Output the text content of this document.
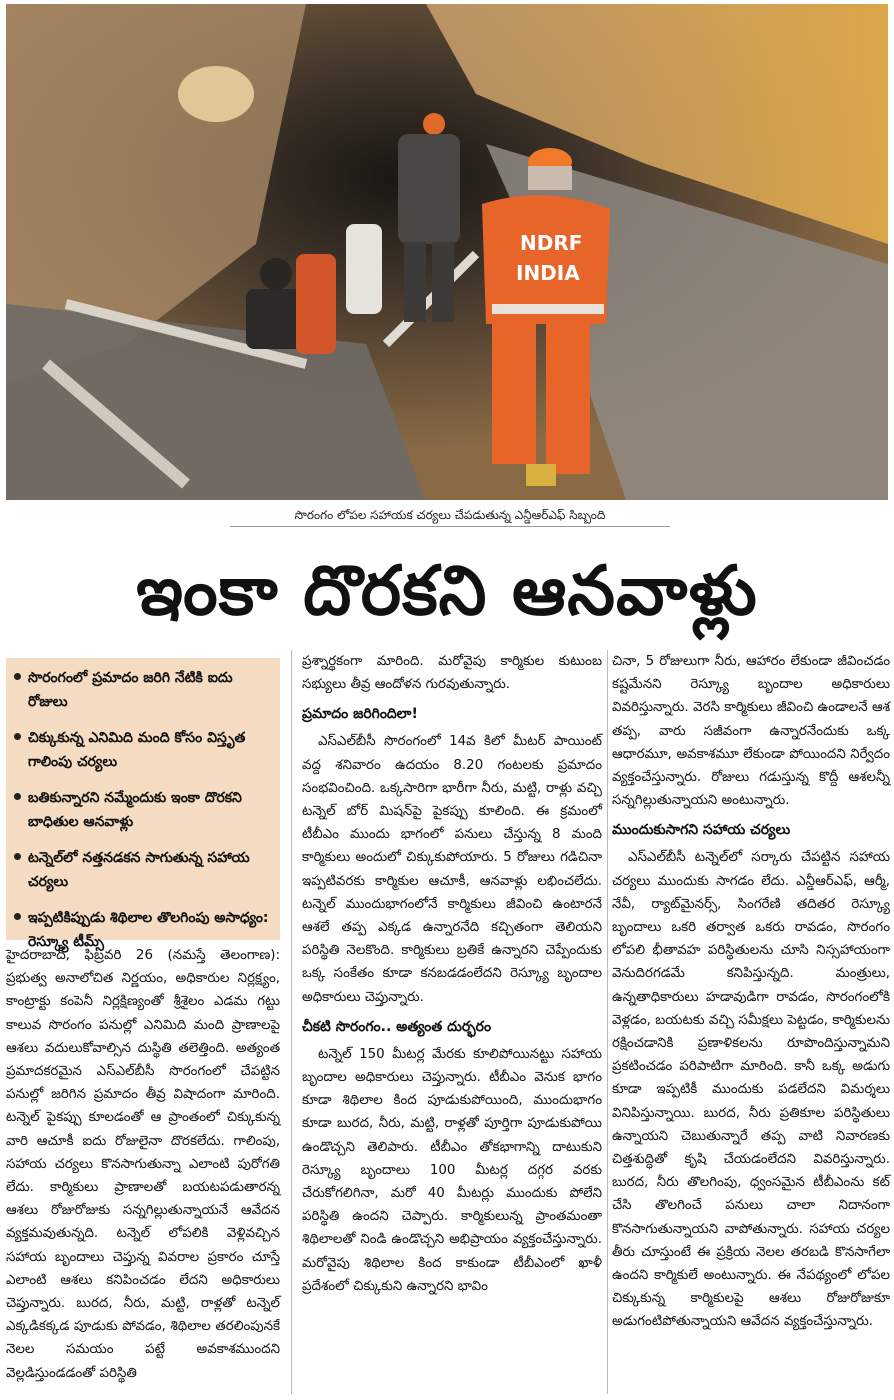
NDRF
INDIA
సొరంగం లోపల సహాయక చర్యలు చేపడుతున్న ఎన్డీఆర్ఎఫ్ సిబ్బంది
ఇంకా దొరకని ఆనవాళ్లు
సొరంగంలో ప్రమాదం జరిగి నేటికి ఐదు రోజులు
చిక్కుకున్న ఎనిమిది మంది కోసం విస్తృత గాలింపు చర్యలు
బతికున్నారని నమ్మేందుకు ఇంకా దొరకని బాధితుల ఆనవాళ్లు
టన్నెల్‌లో నత్తనడకన సాగుతున్న సహాయ చర్యలు
ఇప్పటికిప్పుడు శిథిలాల తొలగింపు అసాధ్యం: రెస్క్యూ టీమ్స్

హైదరాబాద్, ఫిబ్రవరి 26 (నమస్తే తెలంగాణ): ప్రభుత్వ అనాలోచిత నిర్ణయం, అధికారుల నిర్లక్ష్యం, కాంట్రాక్టు కంపెనీ నిర్లక్షిణ్యంతో శ్రీశైలం ఎడమ గట్టు కాలువ సొరంగం పనుల్లో ఎనిమిది మంది ప్రాణాలపై ఆశలు వదులుకోవాల్సిన దుస్థితి తలెత్తింది. అత్యంత ప్రమాదకరమైన ఎస్‌ఎల్‌బీసీ సొరంగంలో చేపట్టిన పనుల్లో జరిగిన ప్రమాదం తీవ్ర విషాదంగా మారింది. టన్నెల్ పైకప్పు కూలడంతో ఆ ప్రాంతంలో చిక్కుకున్న వారి ఆచూకీ ఐదు రోజులైనా దొరకలేదు. గాలింపు, సహాయ చర్యలు కొనసాగుతున్నా ఎలాంటి పురోగతి లేదు. కార్మికులు ప్రాణాలతో బయటపడుతారన్న ఆశలు రోజురోజుకు సన్నగిల్లుతున్నాయనే ఆవేదన వ్యక్తమవుతున్నది. టన్నెల్ లోపలికి వెళ్లివచ్చిన సహాయ బృందాలు చెప్తున్న వివరాల ప్రకారం చూస్తే ఎలాంటి ఆశలు కనిపించడం లేదని అధికారులు చెప్తున్నారు. బురద, నీరు, మట్టి, రాళ్లతో టన్నెల్ ఎక్కడికక్కడ పూడుకు పోవడం, శిథిలాల తరలింపునకే నెలల సమయం పట్టే అవకాశముందని వెల్లడిస్తుండడంతో పరిస్థితి

ప్రశ్నార్థకంగా మారింది. మరోవైపు కార్మికుల కుటుంబ సభ్యులు తీవ్ర ఆందోళన గురవుతున్నారు.

ప్రమాదం జరిగిందిలా!

ఎస్‌ఎల్‌బీసీ సొరంగంలో 14వ కిలో మీటర్ పాయింట్ వద్ద శనివారం ఉదయం 8.20 గంటలకు ప్రమాదం సంభవించింది. ఒక్కసారిగా భారీగా నీరు, మట్టి, రాళ్లు వచ్చి టన్నెల్ బోర్ మిషన్‌పై పైకప్పు కూలింది. ఈ క్రమంలో టీబీఎం ముందు భాగంలో పనులు చేస్తున్న 8 మంది కార్మికులు అందులో చిక్కుకుపోయారు. 5 రోజులు గడిచినా ఇప్పటివరకు కార్మికుల ఆచూకీ, ఆనవాళ్లు లభించలేదు. టన్నెల్ ముందుభాగంలోనే కార్మికులు జీవించి ఉంటారనే ఆశలే తప్ప ఎక్కడ ఉన్నారనేది కచ్చితంగా తెలియని పరిస్థితి నెలకొంది. కార్మికులు బ్రతికే ఉన్నారని చెప్పేందుకు ఒక్క సంకేతం కూడా కనబడడంలేదని రెస్క్యూ బృందాల అధికారులు చెప్తున్నారు.

చీకటి సొరంగం.. అత్యంత దుర్భరం

టన్నెల్ 150 మీటర్ల మేరకు కూలిపోయినట్టు సహాయ బృందాల అధికారులు చెప్తున్నారు. టీబీఎం వెనుక భాగం కూడా శిథిలాల కింద పూడుకుపోయింది, ముందుభాగం కూడా బురద, నీరు, మట్టి, రాళ్లతో పూర్తిగా పూడుకుపోయి ఉండొచ్చని తెలిపారు. టీబీఎం తోకభాగాన్ని దాటుకుని రెస్క్యూ బృందాలు 100 మీటర్ల దగ్గర వరకు చేరుకోగలిగినా, మరో 40 మీటర్లు ముందుకు పోలేని పరిస్థితి ఉందని చెప్పారు. కార్మికులున్న ప్రాంతమంతా శిథిలాలతో నిండి ఉండొచ్చని అభిప్రాయం వ్యక్తంచేస్తున్నారు. మరోవైపు శిథిలాల కింద కాకుండా టీబీఎంలో ఖాళీ ప్రదేశంలో చిక్కుకుని ఉన్నారని భావిం

చినా, 5 రోజులుగా నీరు, ఆహారం లేకుండా జీవించడం కష్టమేనని రెస్క్యూ బృందాల అధికారులు వివరిస్తున్నారు. వెరసి కార్మికులు జీవించి ఉండాలనే ఆశ తప్ప, వారు సజీవంగా ఉన్నారనేందుకు ఒక్క ఆధారమూ, అవకాశమూ లేకుండా పోయిందని నిర్వేదం వ్యక్తంచేస్తున్నారు. రోజులు గడుస్తున్న కొద్దీ ఆశలన్నీ సన్నగిల్లుతున్నాయని అంటున్నారు.

ముందుకుసాగని సహాయ చర్యలు

ఎస్‌ఎల్‌బీసీ టన్నెల్‌లో సర్కారు చేపట్టిన సహాయ చర్యలు ముందుకు సాగడం లేదు. ఎన్డీఆర్ఎఫ్, ఆర్మీ, నేవీ, ర్యాట్‌మైనర్స్, సింగరేణి తదితర రెస్క్యూ బృందాలు ఒకరి తర్వాత ఒకరు రావడం, సొరంగం లోపలి భీతావహ పరిస్థితులను చూసి నిస్సహాయంగా వెనుదిరగడమే కనిపిస్తున్నది. మంత్రులు, ఉన్నతాధికారులు హడావుడిగా రావడం, సొరంగంలోకి వెళ్లడం, బయటకు వచ్చి సమీక్షలు పెట్టడం, కార్మికులను రక్షించడానికి ప్రణాళికలను రూపొందిస్తున్నామని ప్రకటించడం పరిపాటిగా మారింది. కానీ ఒక్క అడుగు కూడా ఇప్పటికీ ముందుకు పడలేదని విమర్శలు వినిపిస్తున్నాయి. బురద, నీరు ప్రతికూల పరిస్థితులు ఉన్నాయని చెబుతున్నారే తప్ప వాటి నివారణకు చిత్తశుద్ధితో కృషి చేయడంలేదని వివరిస్తున్నారు. బురద, నీరు తొలగింపు, ధ్వంసమైన టీబీఎంను కట్ చేసి తొలగించే పనులు చాలా నిదానంగా కొనసాగుతున్నాయని వాపోతున్నారు. సహాయ చర్యల తీరు చూస్తుంటే ఈ ప్రక్రియ నెలల తరబడి కొనసాగేలా ఉందని కార్మికులే అంటున్నారు. ఈ నేపథ్యంలో లోపల చిక్కుకున్న కార్మికులపై ఆశలు రోజురోజుకూ అడుగంటిపోతున్నాయని ఆవేదన వ్యక్తంచేస్తున్నారు.
